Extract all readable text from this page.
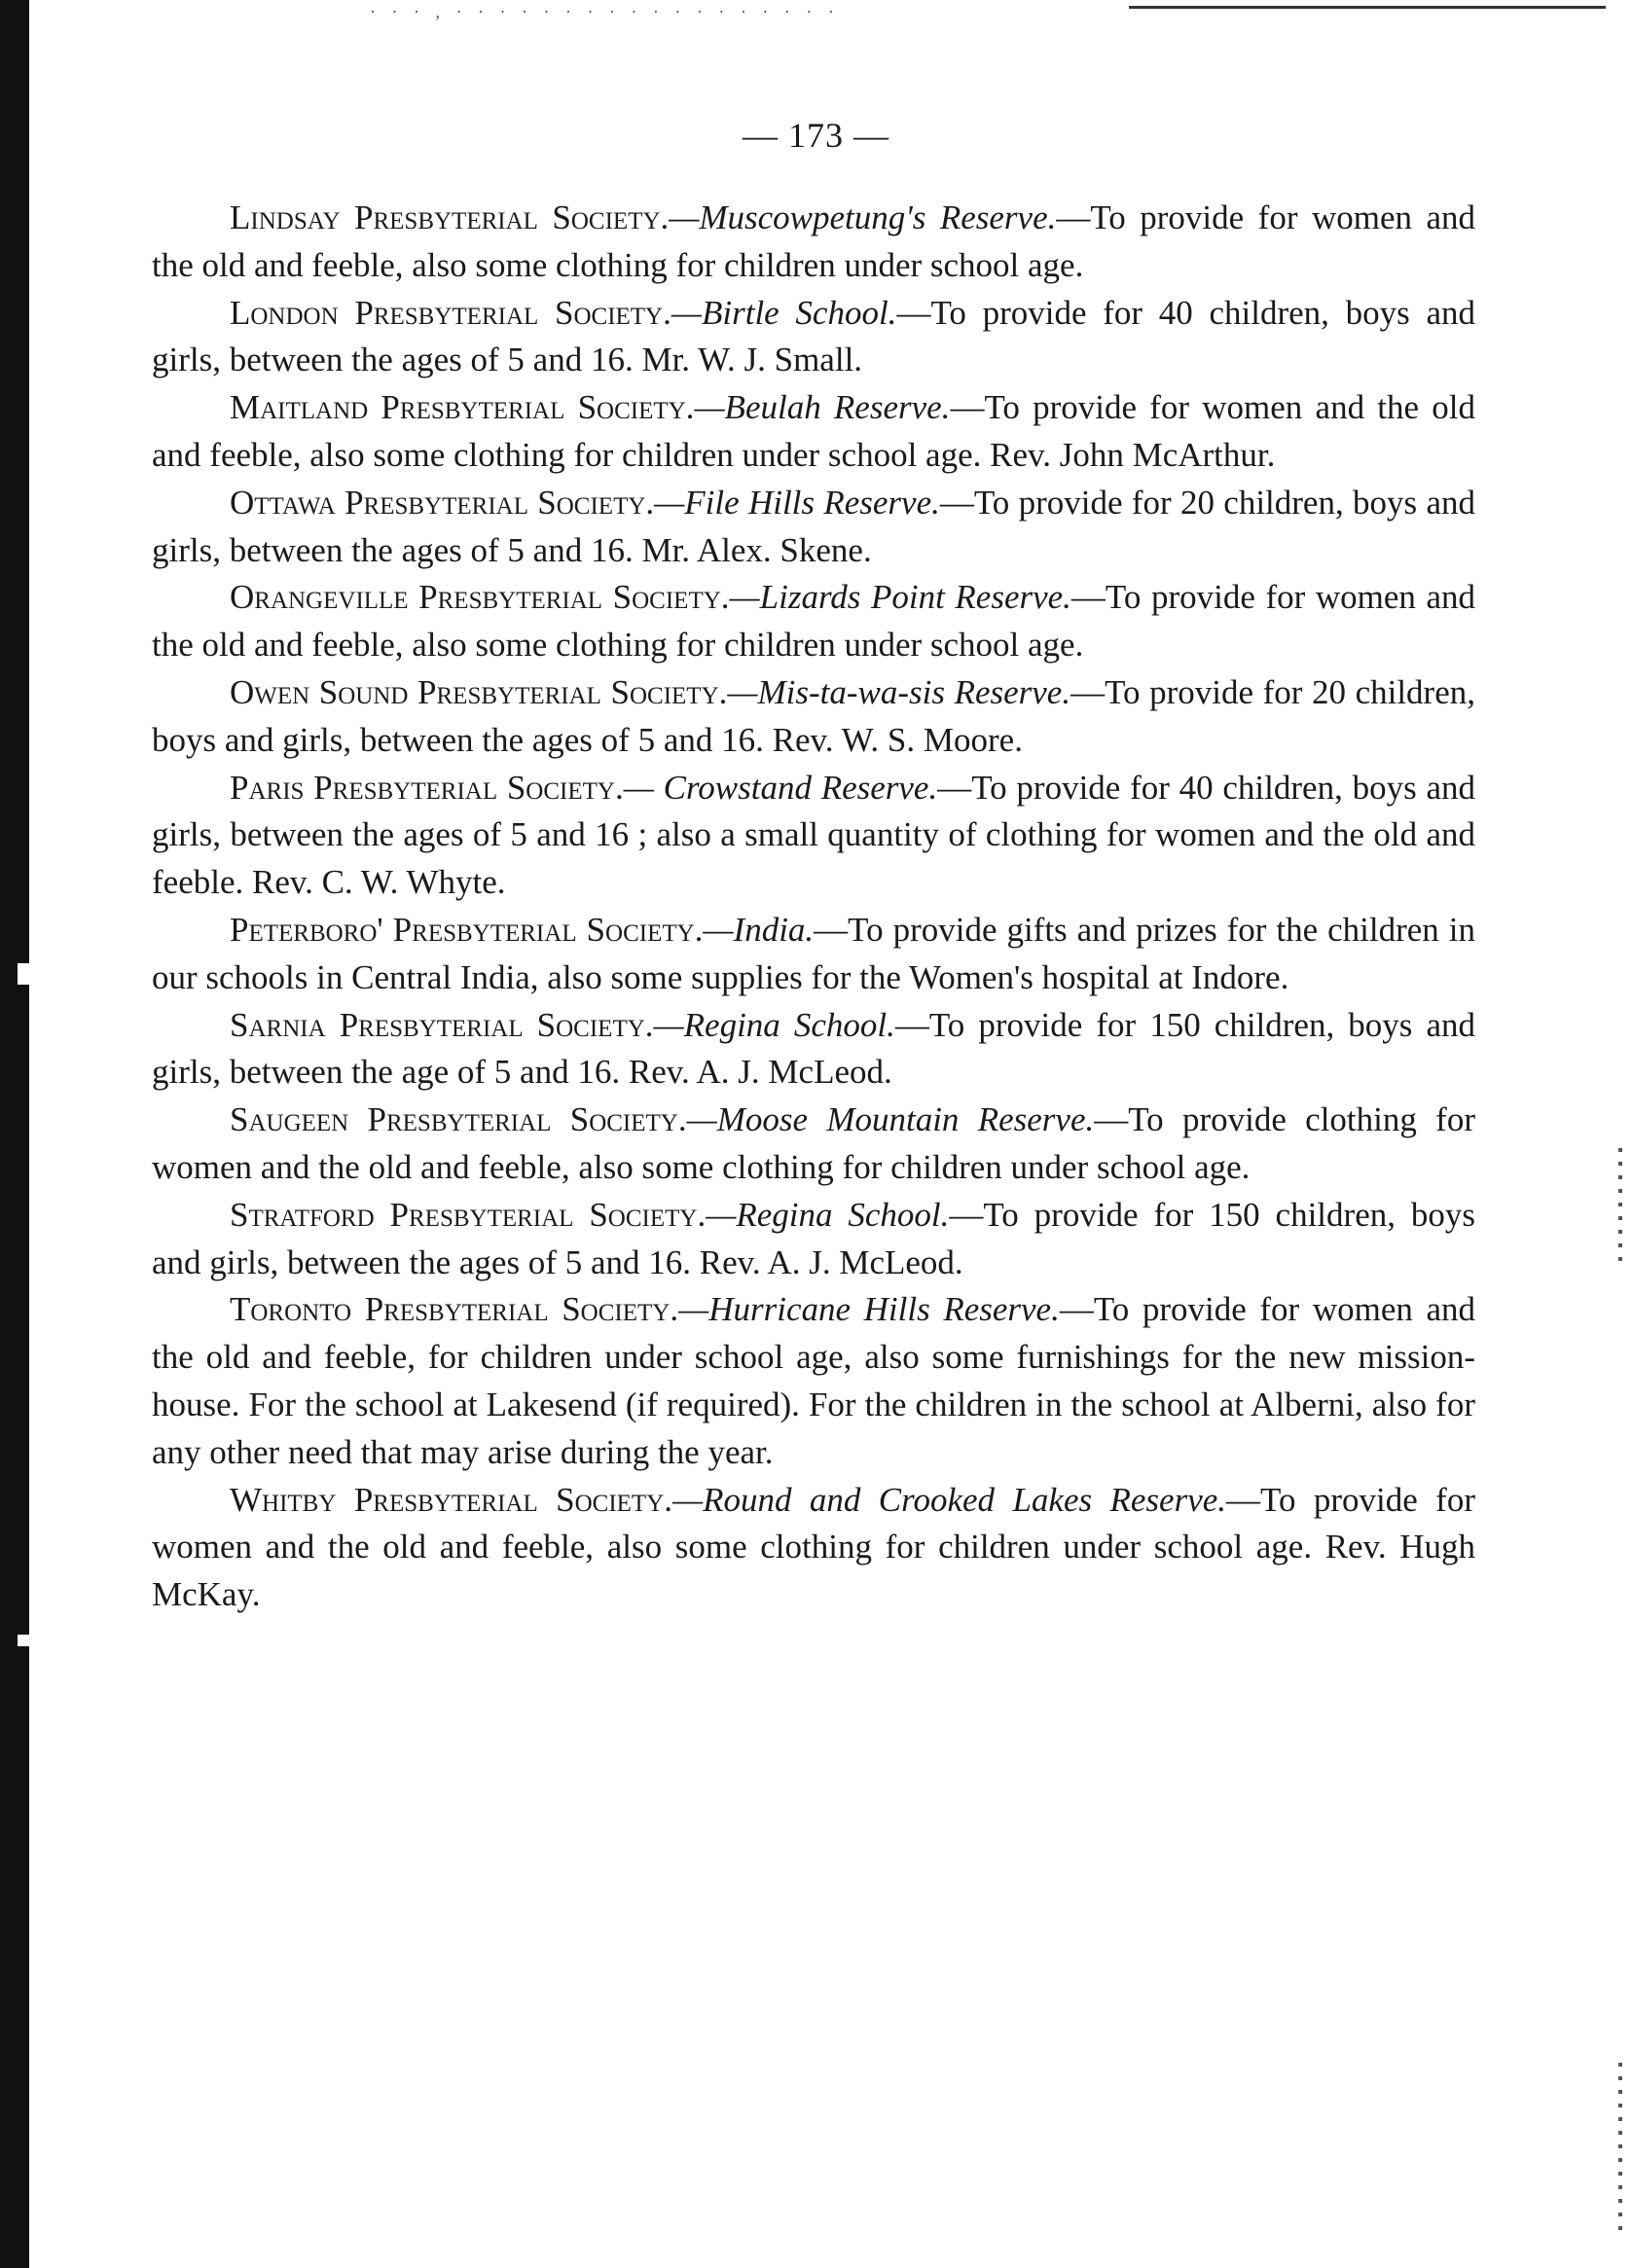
· · · , · · · · · · · · · · · · · · · · · ·
— 173 —

Lindsay Presbyterial Society.—Muscowpetung's Reserve.—To provide for women and the old and feeble, also some clothing for children under school age.

London Presbyterial Society.—Birtle School.—To provide for 40 children, boys and girls, between the ages of 5 and 16. Mr. W. J. Small.

Maitland Presbyterial Society.—Beulah Reserve.—To provide for women and the old and feeble, also some clothing for children under school age. Rev. John McArthur.

Ottawa Presbyterial Society.—File Hills Reserve.—To provide for 20 children, boys and girls, between the ages of 5 and 16. Mr. Alex. Skene.

Orangeville Presbyterial Society.—Lizards Point Reserve.—To provide for women and the old and feeble, also some clothing for children under school age.

Owen Sound Presbyterial Society.—Mis-ta-wa-sis Reserve.—To provide for 20 children, boys and girls, between the ages of 5 and 16. Rev. W. S. Moore.

Paris Presbyterial Society.— Crowstand Reserve.—To provide for 40 children, boys and girls, between the ages of 5 and 16 ; also a small quantity of clothing for women and the old and feeble. Rev. C. W. Whyte.

Peterboro' Presbyterial Society.—India.—To provide gifts and prizes for the children in our schools in Central India, also some supplies for the Women's hospital at Indore.

Sarnia Presbyterial Society.—Regina School.—To provide for 150 children, boys and girls, between the age of 5 and 16. Rev. A. J. McLeod.

Saugeen Presbyterial Society.—Moose Mountain Reserve.—To provide clothing for women and the old and feeble, also some clothing for children under school age.

Stratford Presbyterial Society.—Regina School.—To provide for 150 children, boys and girls, between the ages of 5 and 16. Rev. A. J. McLeod.

Toronto Presbyterial Society.—Hurricane Hills Reserve.—To provide for women and the old and feeble, for children under school age, also some furnishings for the new mission-house. For the school at Lakesend (if required). For the children in the school at Alberni, also for any other need that may arise during the year.

Whitby Presbyterial Society.—Round and Crooked Lakes Reserve.—To provide for women and the old and feeble, also some clothing for children under school age. Rev. Hugh McKay.
